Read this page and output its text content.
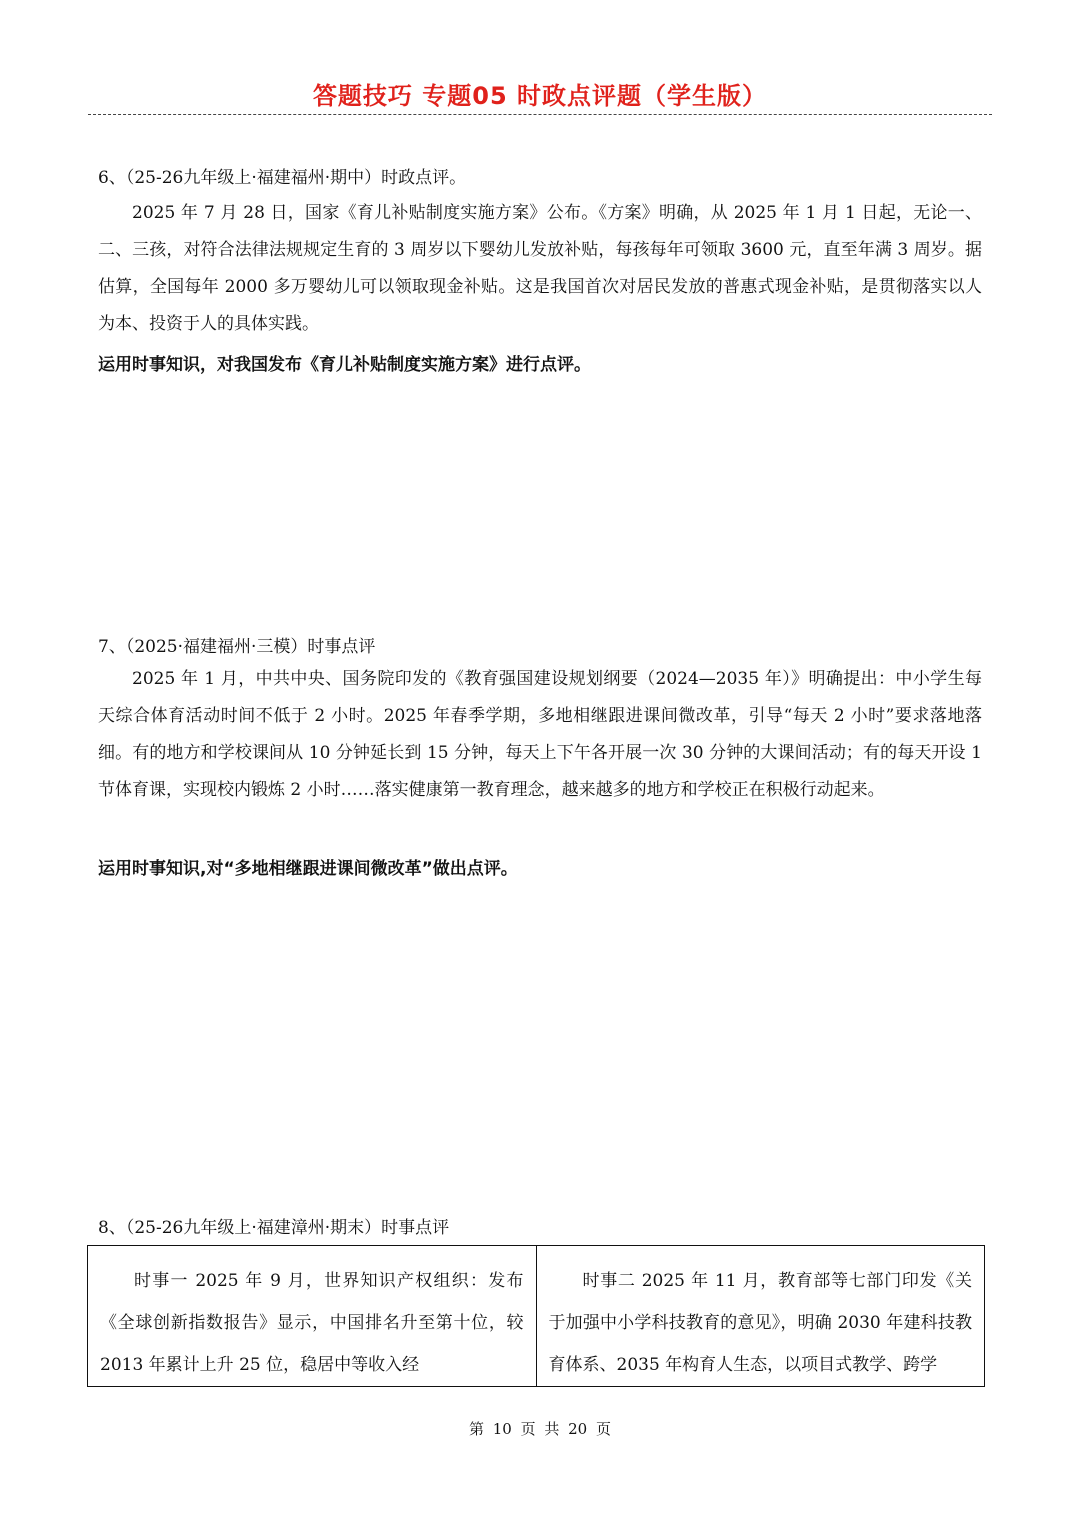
答题技巧 专题05 时政点评题（学生版）
6、（25-26九年级上·福建福州·期中）时政点评。
2025 年 7 月 28 日，国家《育儿补贴制度实施方案》公布。《方案》明确，从 2025 年 1 月 1 日起，无论一、二、三孩，对符合法律法规规定生育的 3 周岁以下婴幼儿发放补贴，每孩每年可领取 3600 元，直至年满 3 周岁。据估算，全国每年 2000 多万婴幼儿可以领取现金补贴。这是我国首次对居民发放的普惠式现金补贴，是贯彻落实以人为本、投资于人的具体实践。
运用时事知识，对我国发布《育儿补贴制度实施方案》进行点评。
7、（2025·福建福州·三模）时事点评
2025 年 1 月，中共中央、国务院印发的《教育强国建设规划纲要（2024—2035 年）》明确提出：中小学生每天综合体育活动时间不低于 2 小时。2025 年春季学期，多地相继跟进课间微改革，引导“每天 2 小时”要求落地落细。有的地方和学校课间从 10 分钟延长到 15 分钟，每天上下午各开展一次 30 分钟的大课间活动；有的每天开设 1 节体育课，实现校内锻炼 2 小时……落实健康第一教育理念，越来越多的地方和学校正在积极行动起来。
运用时事知识,对“多地相继跟进课间微改革”做出点评。
8、（25-26九年级上·福建漳州·期末）时事点评
时事一 2025 年 9 月，世界知识产权组织：发布《全球创新指数报告》显示，中国排名升至第十位，较 2013 年累计上升 25 位，稳居中等收入经
时事二 2025 年 11 月，教育部等七部门印发《关于加强中小学科技教育的意见》，明确 2030 年建科技教育体系、2035 年构育人生态，以项目式教学、跨学
第 10 页 共 20 页
